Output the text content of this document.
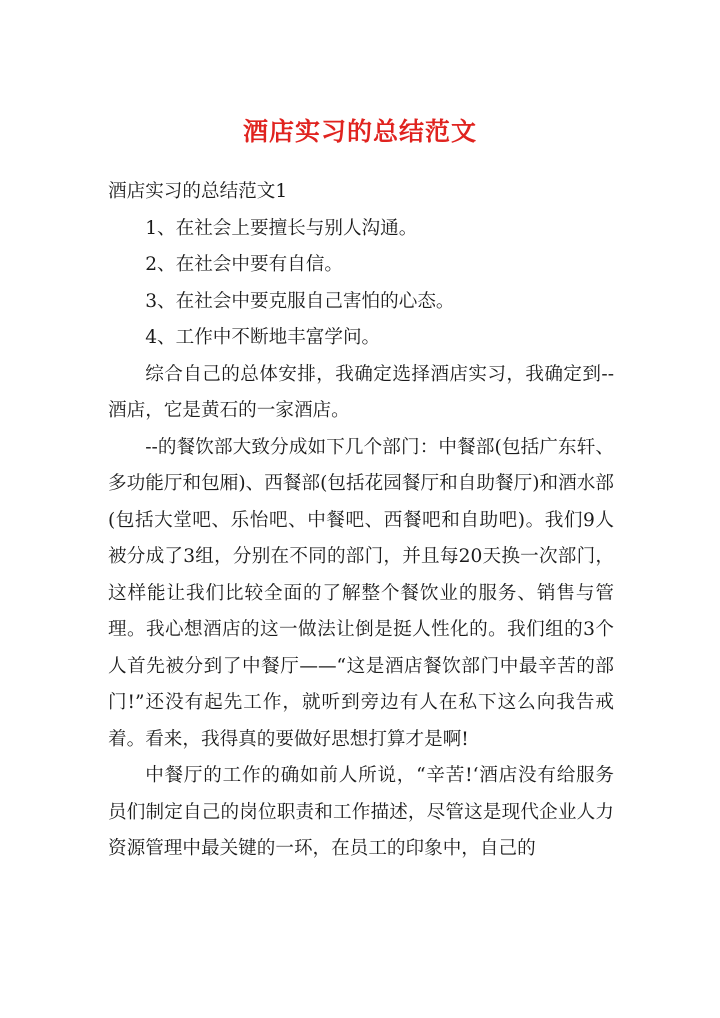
酒店实习的总结范文

酒店实习的总结范文1

1、在社会上要擅长与别人沟通。

2、在社会中要有自信。

3、在社会中要克服自己害怕的心态。

4、工作中不断地丰富学问。

综合自己的总体安排，我确定选择酒店实习，我确定到--酒店，它是黄石的一家酒店。

--的餐饮部大致分成如下几个部门：中餐部(包括广东轩、多功能厅和包厢)、西餐部(包括花园餐厅和自助餐厅)和酒水部(包括大堂吧、乐怡吧、中餐吧、西餐吧和自助吧)。我们9人被分成了3组，分别在不同的部门，并且每20天换一次部门，这样能让我们比较全面的了解整个餐饮业的服务、销售与管理。我心想酒店的这一做法让倒是挺人性化的。我们组的3个人首先被分到了中餐厅——“这是酒店餐饮部门中最辛苦的部门!”还没有起先工作，就听到旁边有人在私下这么向我告戒着。看来，我得真的要做好思想打算才是啊!

中餐厅的工作的确如前人所说，“辛苦!‘酒店没有给服务员们制定自己的岗位职责和工作描述，尽管这是现代企业人力资源管理中最关键的一环，在员工的印象中，自己的
